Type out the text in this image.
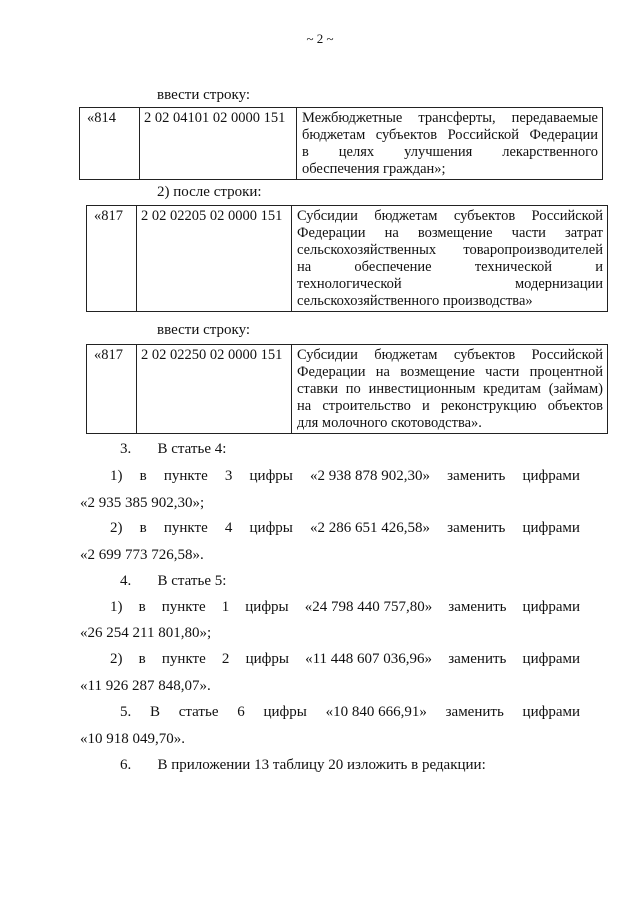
~ 2 ~
ввести строку:
«814	2 02 04101 02 0000 151	Межбюджетные трансферты, передаваемые
бюджетам субъектов Российской Федерации
в целях улучшения лекарственного
обеспечения граждан»;
2) после строки:
«817	2 02 02205 02 0000 151	Субсидии бюджетам субъектов Российской
Федерации на возмещение части затрат
сельскохозяйственных товаропроизводителей
на обеспечение технической и
технологической модернизации
сельскохозяйственного производства»
ввести строку:
«817	2 02 02250 02 0000 151	Субсидии бюджетам субъектов Российской
Федерации на возмещение части процентной
ставки по инвестиционным кредитам (займам)
на строительство и реконструкцию объектов
для молочного скотоводства».
3.       В статье 4:
1) в пункте 3 цифры «2 938 878 902,30» заменить цифрами
«2 935 385 902,30»;
2) в пункте 4 цифры «2 286 651 426,58» заменить цифрами
«2 699 773 726,58».
4.       В статье 5:
1) в пункте 1 цифры «24 798 440 757,80» заменить цифрами
«26 254 211 801,80»;
2) в пункте 2 цифры «11 448 607 036,96» заменить цифрами
«11 926 287 848,07».
5. В статье 6 цифры «10 840 666,91» заменить цифрами
«10 918 049,70».
6.       В приложении 13 таблицу 20 изложить в редакции:
